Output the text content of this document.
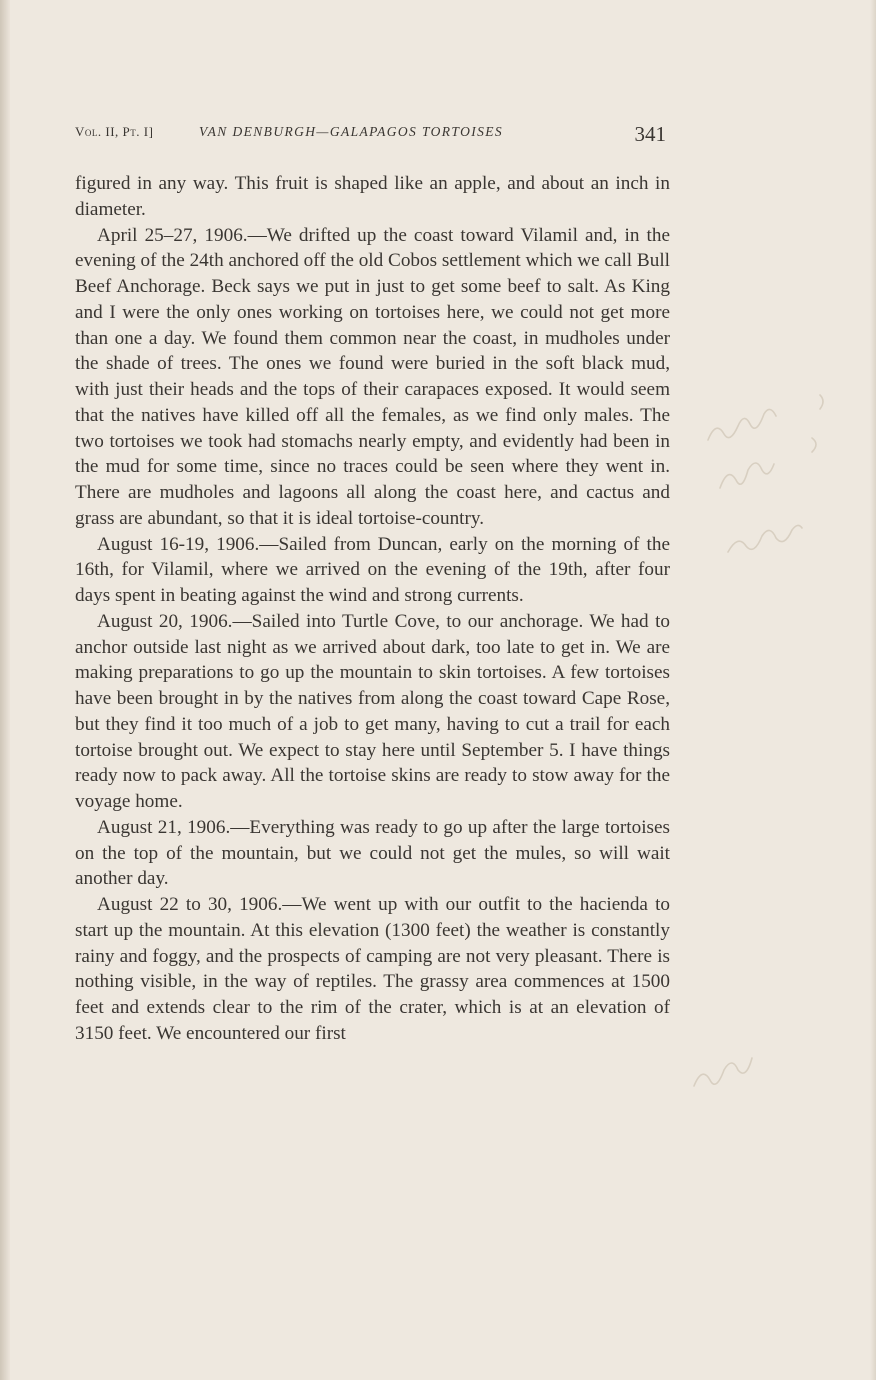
Vol. II, Pt. I]	VAN DENBURGH—GALAPAGOS TORTOISES	341

figured in any way. This fruit is shaped like an apple, and about an inch in diameter.

April 25–27, 1906.—We drifted up the coast toward Vilamil and, in the evening of the 24th anchored off the old Cobos settlement which we call Bull Beef Anchorage. Beck says we put in just to get some beef to salt. As King and I were the only ones working on tortoises here, we could not get more than one a day. We found them common near the coast, in mudholes under the shade of trees. The ones we found were buried in the soft black mud, with just their heads and the tops of their carapaces exposed. It would seem that the natives have killed off all the females, as we find only males. The two tortoises we took had stomachs nearly empty, and evidently had been in the mud for some time, since no traces could be seen where they went in. There are mudholes and lagoons all along the coast here, and cactus and grass are abundant, so that it is ideal tortoise-country.

August 16-19, 1906.—Sailed from Duncan, early on the morning of the 16th, for Vilamil, where we arrived on the evening of the 19th, after four days spent in beating against the wind and strong currents.

August 20, 1906.—Sailed into Turtle Cove, to our anchorage. We had to anchor outside last night as we arrived about dark, too late to get in. We are making preparations to go up the mountain to skin tortoises. A few tortoises have been brought in by the natives from along the coast toward Cape Rose, but they find it too much of a job to get many, having to cut a trail for each tortoise brought out. We expect to stay here until September 5. I have things ready now to pack away. All the tortoise skins are ready to stow away for the voyage home.

August 21, 1906.—Everything was ready to go up after the large tortoises on the top of the mountain, but we could not get the mules, so will wait another day.

August 22 to 30, 1906.—We went up with our outfit to the hacienda to start up the mountain. At this elevation (1300 feet) the weather is constantly rainy and foggy, and the prospects of camping are not very pleasant. There is nothing visible, in the way of reptiles. The grassy area commences at 1500 feet and extends clear to the rim of the crater, which is at an elevation of 3150 feet. We encountered our first
